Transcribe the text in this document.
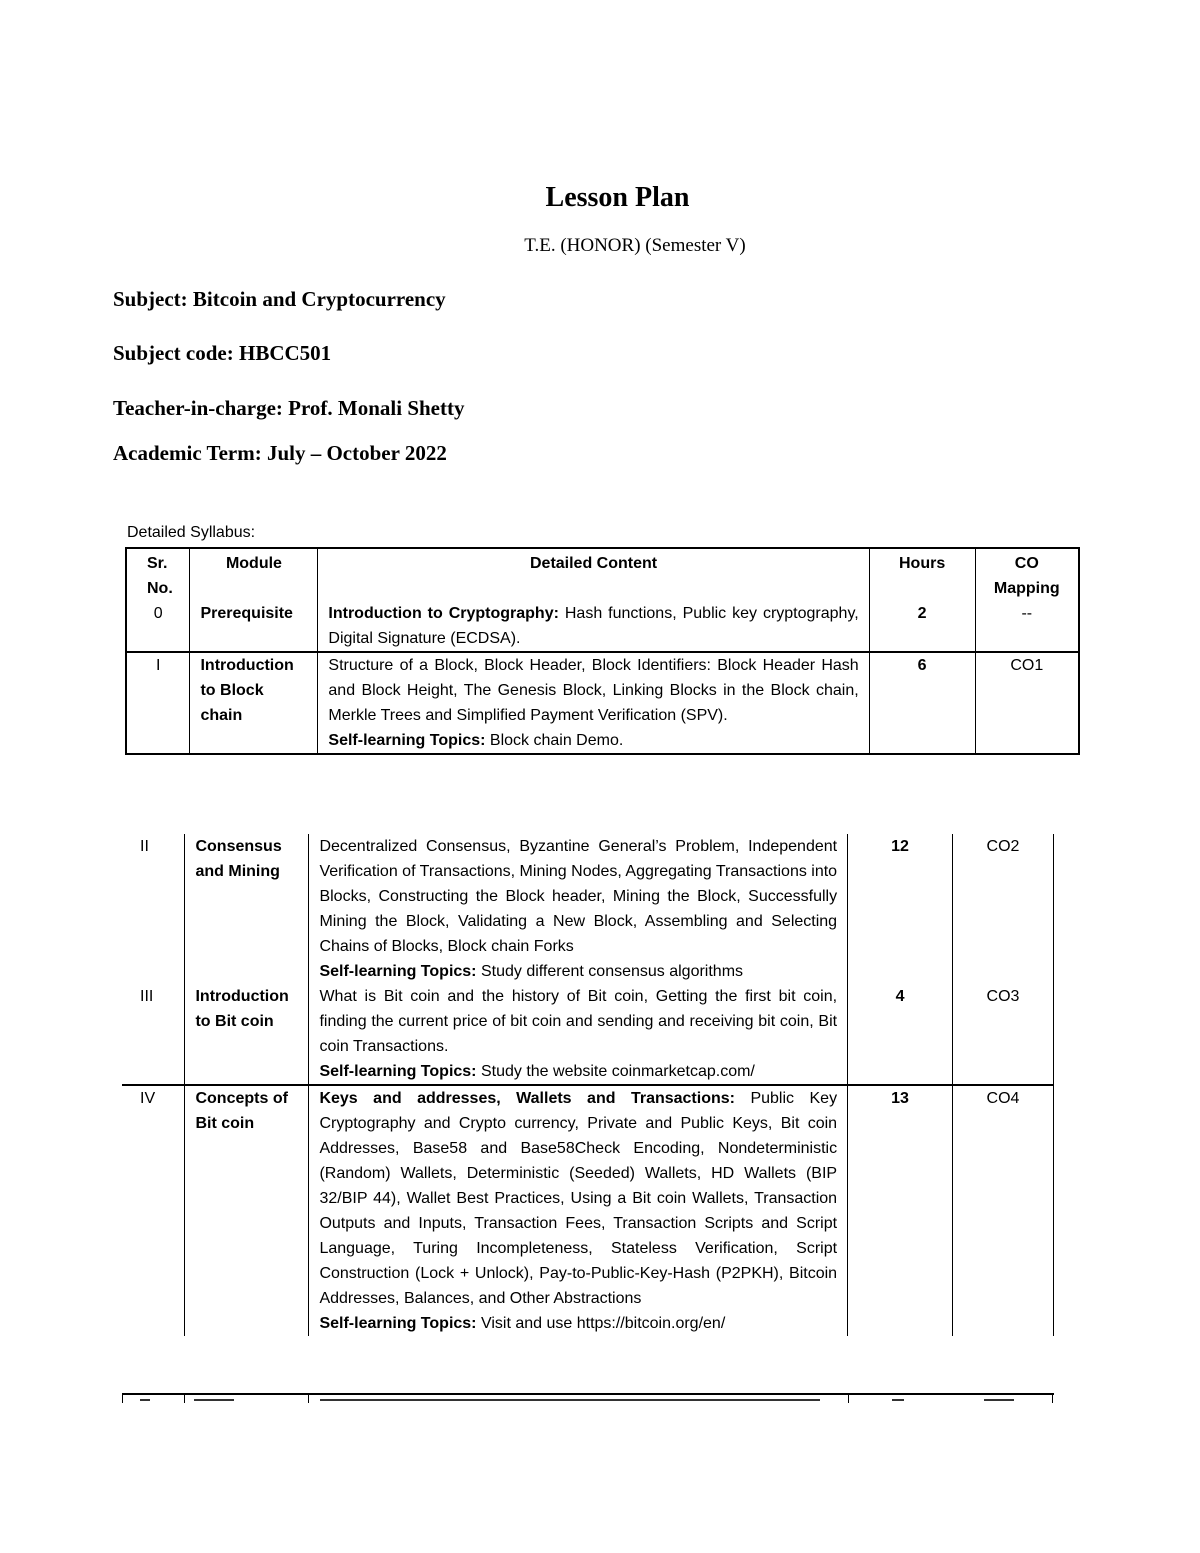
Lesson Plan
T.E. (HONOR) (Semester V)
Subject: Bitcoin and Cryptocurrency
Subject code: HBCC501
Teacher-in-charge: Prof. Monali Shetty
Academic Term: July – October 2022
Detailed Syllabus:
Sr.
No.	Module	Detailed Content	Hours	CO
Mapping
0	Prerequisite	Introduction to Cryptography: Hash functions, Public key cryptography, Digital Signature (ECDSA).	2	--
I	Introduction to Block chain	Structure of a Block, Block Header, Block Identifiers: Block Header Hash and Block Height, The Genesis Block, Linking Blocks in the Block chain, Merkle Trees and Simplified Payment Verification (SPV).
Self-learning Topics: Block chain Demo.	6	CO1
II	Consensus and Mining	Decentralized Consensus, Byzantine General’s Problem, Independent Verification of Transactions, Mining Nodes, Aggregating Transactions into Blocks, Constructing the Block header, Mining the Block, Successfully Mining the Block, Validating a New Block, Assembling and Selecting Chains of Blocks, Block chain Forks
Self-learning Topics: Study different consensus algorithms	12	CO2
III	Introduction to Bit coin	What is Bit coin and the history of Bit coin, Getting the first bit coin, finding the current price of bit coin and sending and receiving bit coin, Bit coin Transactions.
Self-learning Topics: Study the website coinmarketcap.com/	4	CO3
IV	Concepts of Bit coin	Keys and addresses, Wallets and Transactions: Public Key Cryptography and Crypto currency, Private and Public Keys, Bit coin Addresses, Base58 and Base58Check Encoding, Nondeterministic (Random) Wallets, Deterministic (Seeded) Wallets, HD Wallets (BIP 32/BIP 44), Wallet Best Practices, Using a Bit coin Wallets, Transaction Outputs and Inputs, Transaction Fees, Transaction Scripts and Script Language, Turing Incompleteness, Stateless Verification, Script Construction (Lock + Unlock), Pay-to-Public-Key-Hash (P2PKH), Bitcoin Addresses, Balances, and Other Abstractions
Self-learning Topics: Visit and use https://bitcoin.org/en/	13	CO4
